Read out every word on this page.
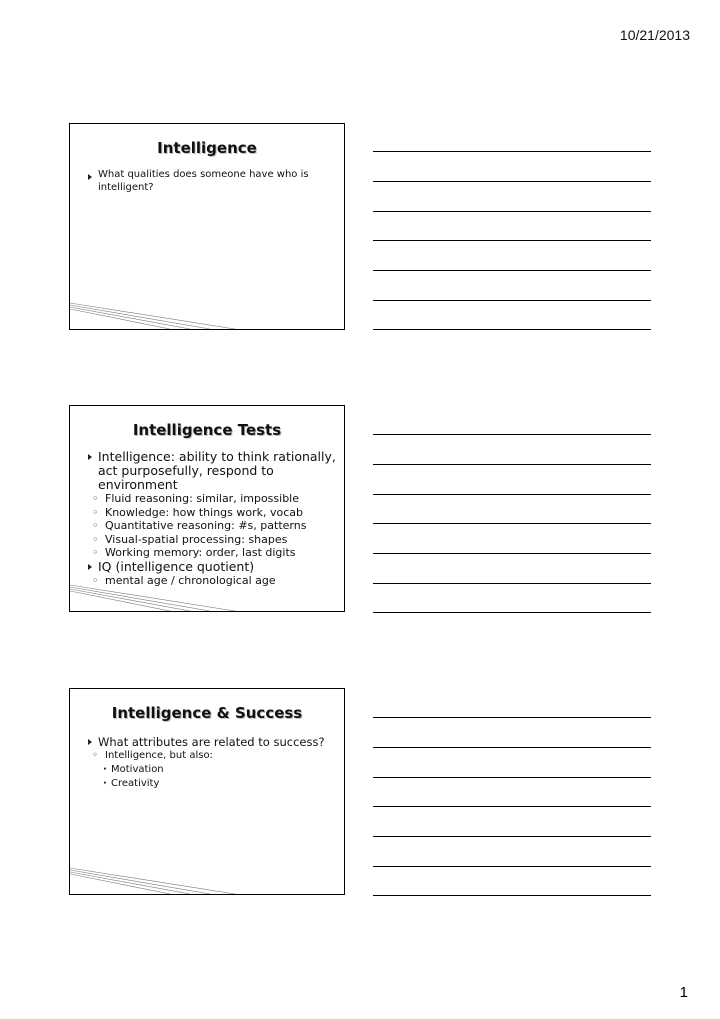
10/21/2013
Intelligence
What qualities does someone have who is intelligent?
Intelligence Tests
Intelligence: ability to think rationally, act purposefully, respond to environment
◦ Fluid reasoning: similar, impossible
◦ Knowledge: how things work, vocab
◦ Quantitative reasoning: #s, patterns
◦ Visual-spatial processing: shapes
◦ Working memory: order, last digits
IQ (intelligence quotient)
◦ mental age / chronological age
Intelligence & Success
What attributes are related to success?
◦ Intelligence, but also:
· Motivation
· Creativity
1
